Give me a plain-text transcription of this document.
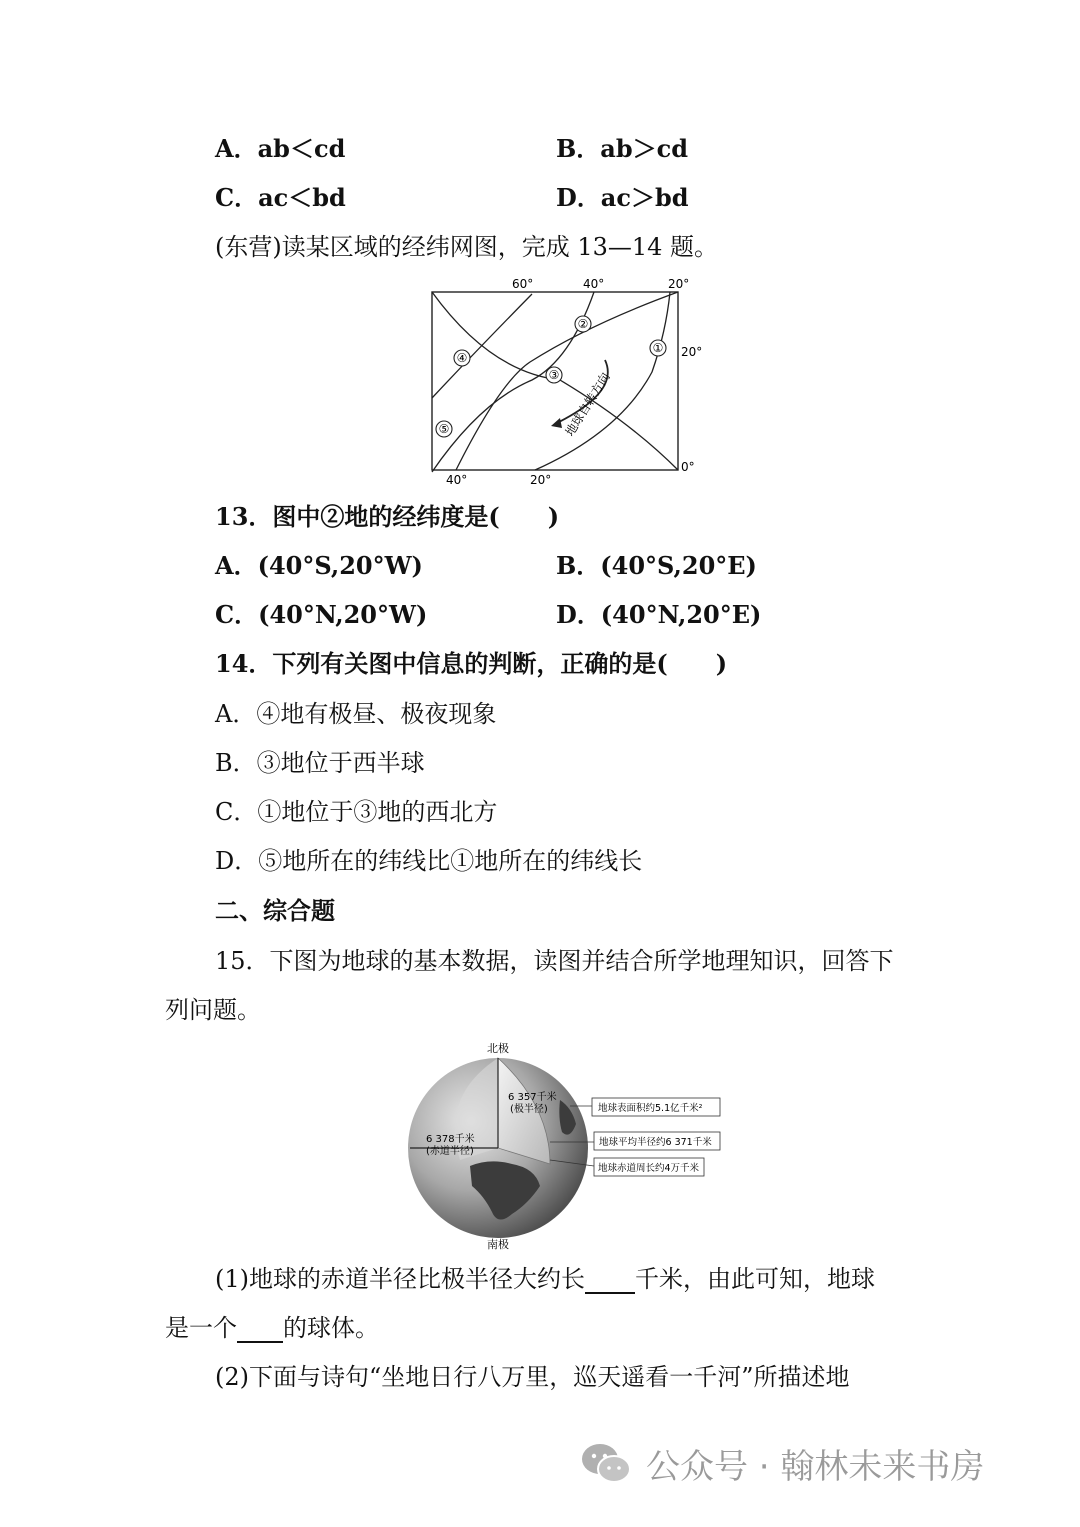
A．ab＜cd	B．ab＞cd
C．ac＜bd	D．ac＞bd
(东营)读某区域的经纬网图，完成 13—14 题。
地球自转方向
60°	40°	20°
40°	20°
20°
0°
①
②
③
④
⑤
13．图中②地的经纬度是(　　)
A．(40°S,20°W)	B．(40°S,20°E)
C．(40°N,20°W)	D．(40°N,20°E)
14．下列有关图中信息的判断，正确的是(　　)
A．④地有极昼、极夜现象
B．③地位于西半球
C．①地位于③地的西北方
D．⑤地所在的纬线比①地所在的纬线长
二、综合题
15．下图为地球的基本数据，读图并结合所学地理知识，回答下
列问题。
北极
6 357千米
(极半径)
6 378千米
(赤道半径)
地球表面积约5.1亿千米²
地球平均半径约6 371千米
地球赤道周长约4万千米
南极
(1)地球的赤道半径比极半径大约长 千米，由此可知，地球
是一个 的球体。
(2)下面与诗句“坐地日行八万里，巡天遥看一千河”所描述地
公众号 · 翰林未来书房
